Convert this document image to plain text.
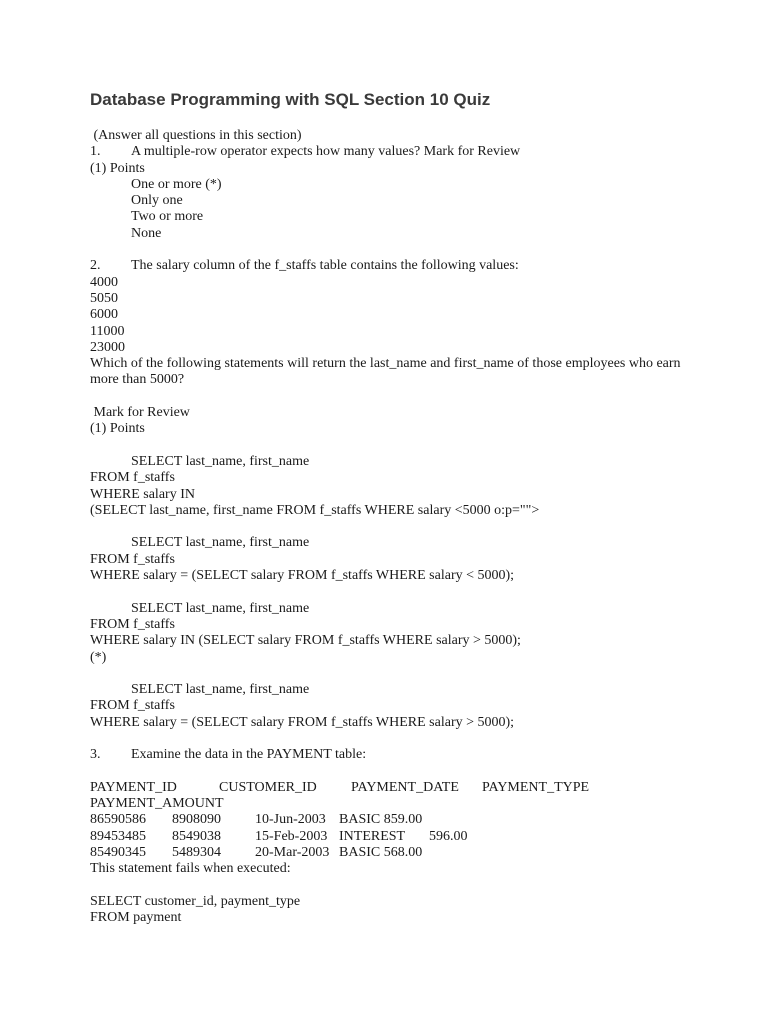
Database Programming with SQL Section 10 Quiz
(Answer all questions in this section)
1. A multiple-row operator expects how many values? Mark for Review
(1) Points
One or more (*)
Only one
Two or more
None
2. The salary column of the f_staffs table contains the following values:
4000
5050
6000
11000
23000
Which of the following statements will return the last_name and first_name of those employees who earn more than 5000?
Mark for Review
(1) Points
SELECT last_name, first_name
FROM f_staffs
WHERE salary IN
(SELECT last_name, first_name FROM f_staffs WHERE salary <5000 o:p="">
SELECT last_name, first_name
FROM f_staffs
WHERE salary = (SELECT salary FROM f_staffs WHERE salary < 5000);
SELECT last_name, first_name
FROM f_staffs
WHERE salary IN (SELECT salary FROM f_staffs WHERE salary > 5000);
(*)
SELECT last_name, first_name
FROM f_staffs
WHERE salary = (SELECT salary FROM f_staffs WHERE salary > 5000);
3. Examine the data in the PAYMENT table:
PAYMENT_ID	CUSTOMER_ID PAYMENT_DATE PAYMENT_TYPE
PAYMENT_AMOUNT
86590586 8908090 10-Jun-2003 BASIC 859.00
89453485 8549038 15-Feb-2003 INTEREST 596.00
85490345 5489304 20-Mar-2003 BASIC 568.00
This statement fails when executed:
SELECT customer_id, payment_type
FROM payment
